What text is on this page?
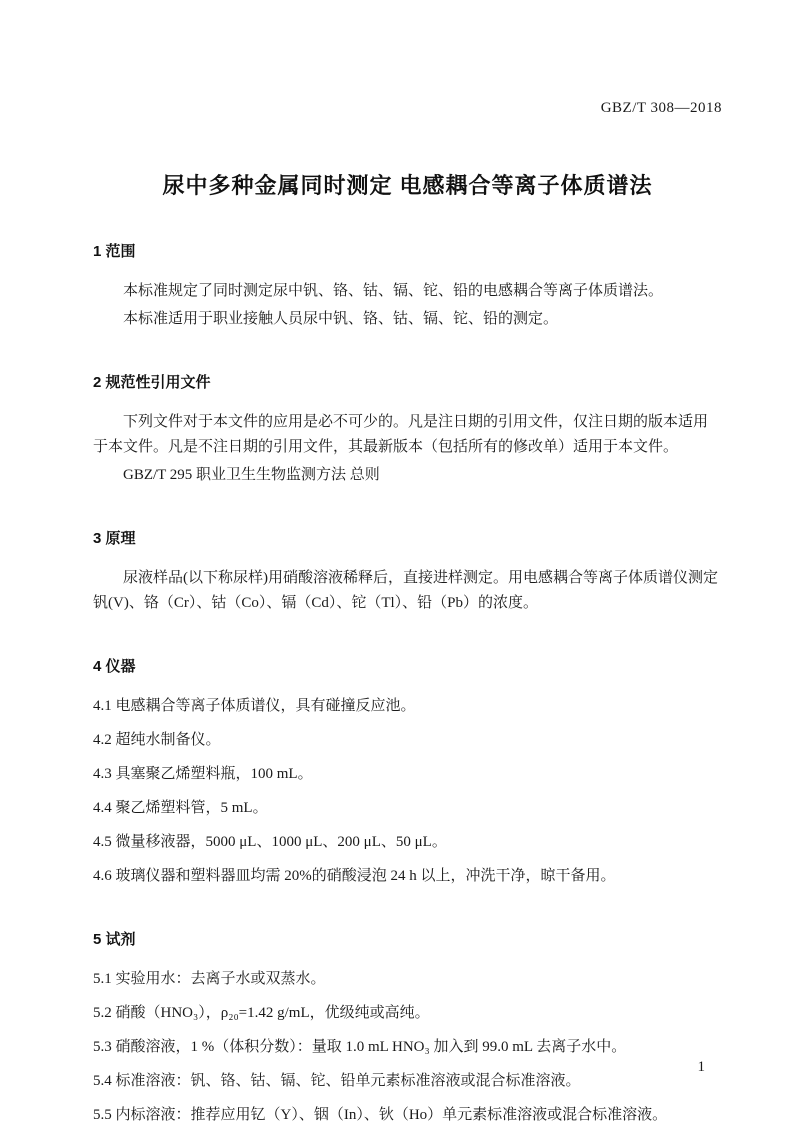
GBZ/T 308—2018
尿中多种金属同时测定 电感耦合等离子体质谱法
1 范围

本标准规定了同时测定尿中钒、铬、钴、镉、铊、铅的电感耦合等离子体质谱法。

本标准适用于职业接触人员尿中钒、铬、钴、镉、铊、铅的测定。

2 规范性引用文件

下列文件对于本文件的应用是必不可少的。凡是注日期的引用文件，仅注日期的版本适用于本文件。凡是不注日期的引用文件，其最新版本（包括所有的修改单）适用于本文件。

GBZ/T 295 职业卫生生物监测方法 总则

3 原理

尿液样品(以下称尿样)用硝酸溶液稀释后，直接进样测定。用电感耦合等离子体质谱仪测定钒(V)、铬（Cr）、钴（Co）、镉（Cd）、铊（Tl）、铅（Pb）的浓度。

4 仪器

4.1 电感耦合等离子体质谱仪，具有碰撞反应池。

4.2 超纯水制备仪。

4.3 具塞聚乙烯塑料瓶，100 mL。

4.4 聚乙烯塑料管，5 mL。

4.5 微量移液器，5000 μL、1000 μL、200 μL、50 μL。

4.6 玻璃仪器和塑料器皿均需 20%的硝酸浸泡 24 h 以上，冲洗干净，晾干备用。

5 试剂

5.1 实验用水：去离子水或双蒸水。

5.2 硝酸（HNO₃），ρ₂₀=1.42 g/mL，优级纯或高纯。

5.3 硝酸溶液，1 %（体积分数）：量取 1.0 mL HNO₃ 加入到 99.0 mL 去离子水中。

5.4 标准溶液：钒、铬、钴、镉、铊、铅单元素标准溶液或混合标准溶液。

5.5 内标溶液：推荐应用钇（Y）、铟（In）、钬（Ho）单元素标准溶液或混合标准溶液。

1
